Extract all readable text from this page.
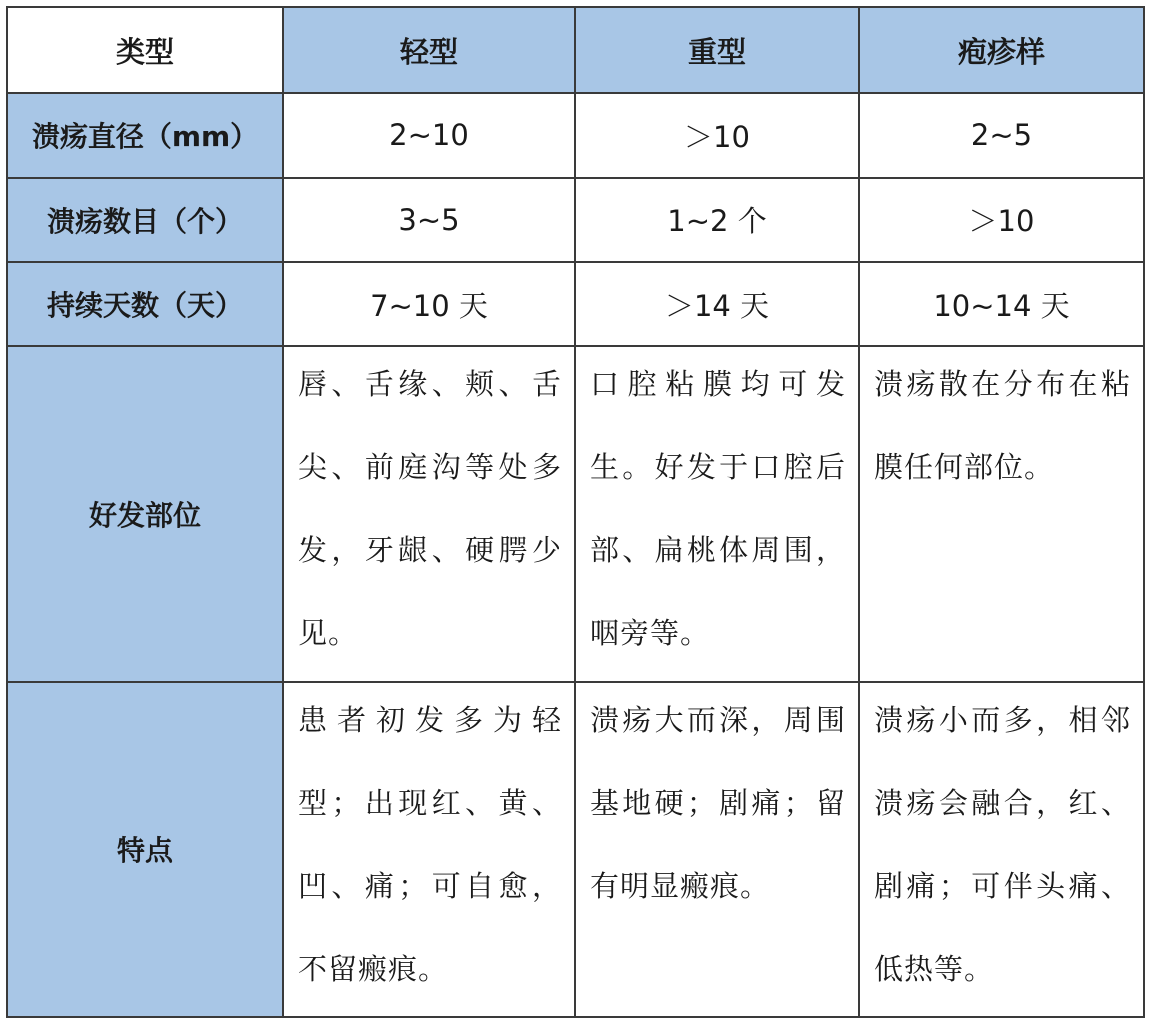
类型	轻型	重型	疱疹样
溃疡直径（mm）	2~10	＞10	2~5
溃疡数目（个）	3~5	1~2 个	＞10
持续天数（天）	7~10 天	＞14 天	10~14 天
好发部位	唇、舌缘、颊、舌尖、前庭沟等处多发，牙龈、硬腭少见。	口腔粘膜均可发生。好发于口腔后部、扁桃体周围，咽旁等。	溃疡散在分布在粘膜任何部位。

特点	患者初发多为轻型；出现红、黄、凹、痛；可自愈，不留瘢痕。	溃疡大而深，周围基地硬；剧痛；留有明显瘢痕。	溃疡小而多，相邻溃疡会融合，红、剧痛；可伴头痛、低热等。
